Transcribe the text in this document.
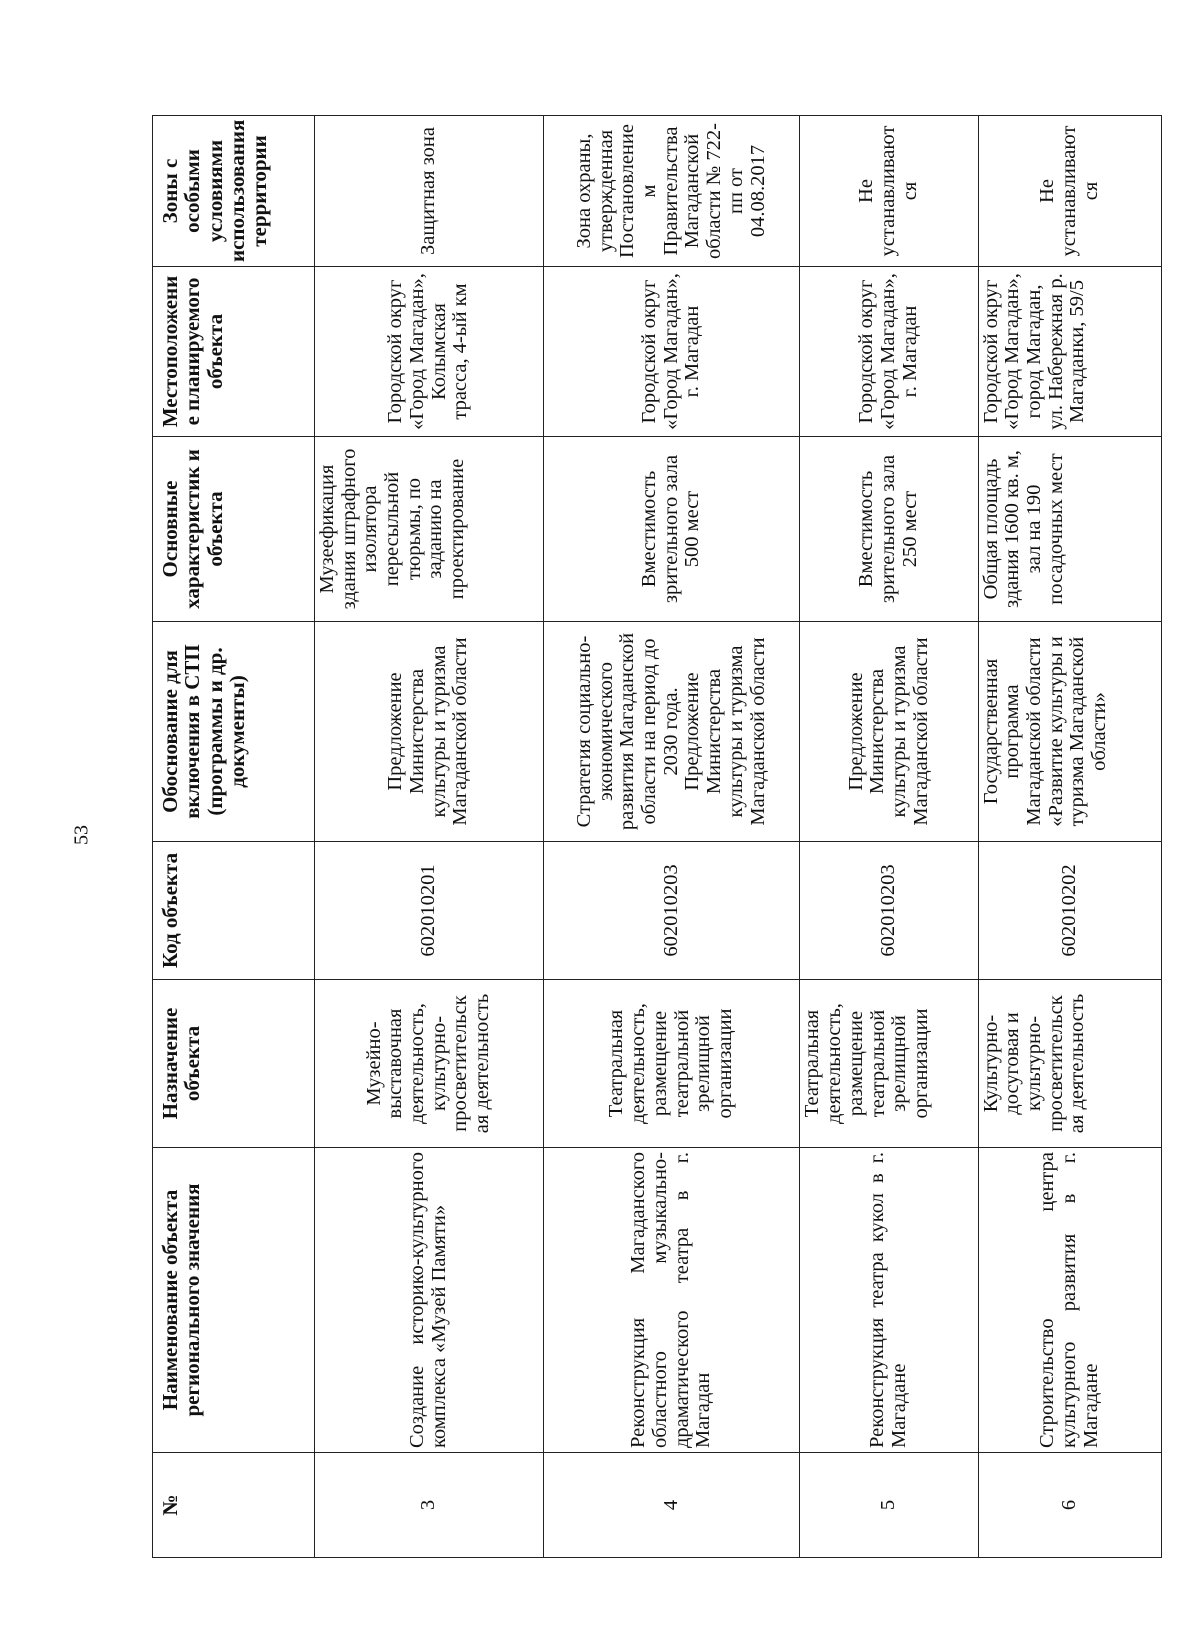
53
№	Наименование объекта регионального значения	Назначение объекта	Код объекта	Обоснование для включения в СТП (программы и др. документы)	Основные характеристик и объекта	Местоположени е планируемого объекта	Зоны с особыми условиями использования территории
3	Создание историко-культурного комплекса «Музей Памяти»	Музейно-выставочная деятельность, культурно-просветительск ая деятельность	602010201	Предложение Министерства культуры и туризма Магаданской области	Музеефикация здания штрафного изолятора пересыльной тюрьмы, по заданию на проектирование	Городской округ «Город Магадан», Колымская трасса, 4-ый км	Защитная зона
4	Реконструкция Магаданского областного музыкально-драматического театра в г. Магадан	Театральная деятельность, размещение театральной зрелищной организации	602010203	Стратегия социально-экономического развития Магаданской области на период до 2030 года. Предложение Министерства культуры и туризма Магаданской области	Вместимость зрительного зала 500 мест	Городской округ «Город Магадан», г. Магадан	Зона охраны, утвержденная Постановление м Правительства Магаданской области № 722-пп от 04.08.2017
5	Реконструкция театра кукол в г. Магадане	Театральная деятельность, размещение театральной зрелищной организации	602010203	Предложение Министерства культуры и туризма Магаданской области	Вместимость зрительного зала 250 мест	Городской округ «Город Магадан», г. Магадан	Не устанавливают ся
6	Строительство центра культурного развития в г. Магадане	Культурно-досуговая и культурно-просветительск ая деятельность	602010202	Государственная программа Магаданской области «Развитие культуры и туризма Магаданской области»	Общая площадь здания 1600 кв. м, зал на 190 посадочных мест	Городской округ «Город Магадан», город Магадан, ул. Набережная р. Магаданки, 59/5	Не устанавливают ся
